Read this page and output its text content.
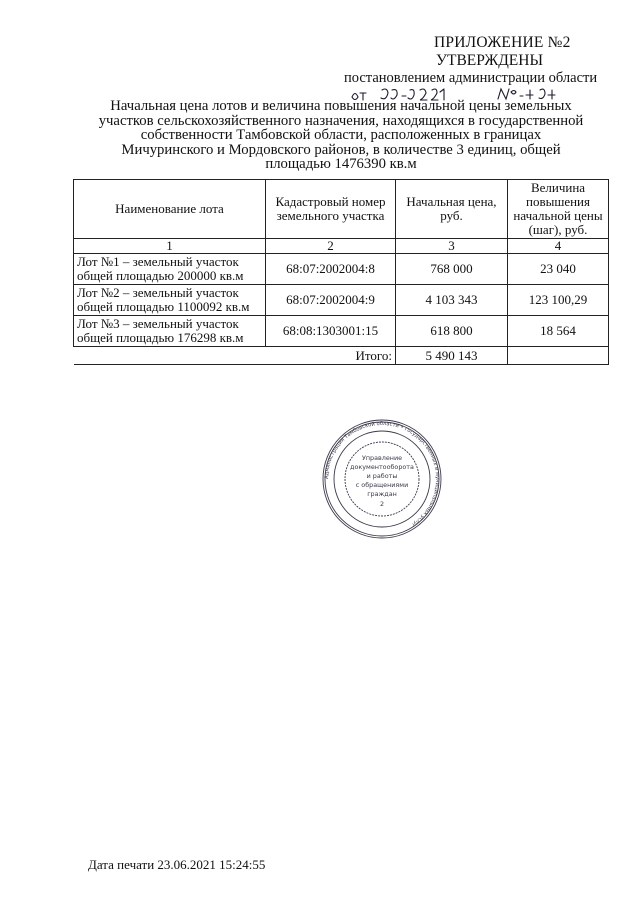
ПРИЛОЖЕНИЕ №2
УТВЕРЖДЕНЫ
постановлением администрации области
Начальная цена лотов и величина повышения начальной цены земельных
участков сельскохозяйственного назначения, находящихся в государственной
собственности Тамбовской области, расположенных в границах
Мичуринского и Мордовского районов, в количестве 3 единиц, общей
площадью 1476390 кв.м
Наименование лота	Кадастровый номер земельного участка	Начальная цена, руб.	Величина повышения начальной цены (шаг), руб.
1	2	3	4

Лот №1 – земельный участок
общей площадью 200000 кв.м	68:07:2002004:8	768 000	23 040

Лот №2 – земельный участок
общей площадью 1100092 кв.м	68:07:2002004:9	4 103 343	123 100,29

Лот №3 – земельный участок
общей площадью 176298 кв.м	68:08:1303001:15	618 800	18 564
Итого:		5 490 143	
Администрация Тамбовской области • государственных и муниципальных услуг
Управление
документооборота
и работы
с обращениями
граждан
2
Дата печати 23.06.2021 15:24:55
